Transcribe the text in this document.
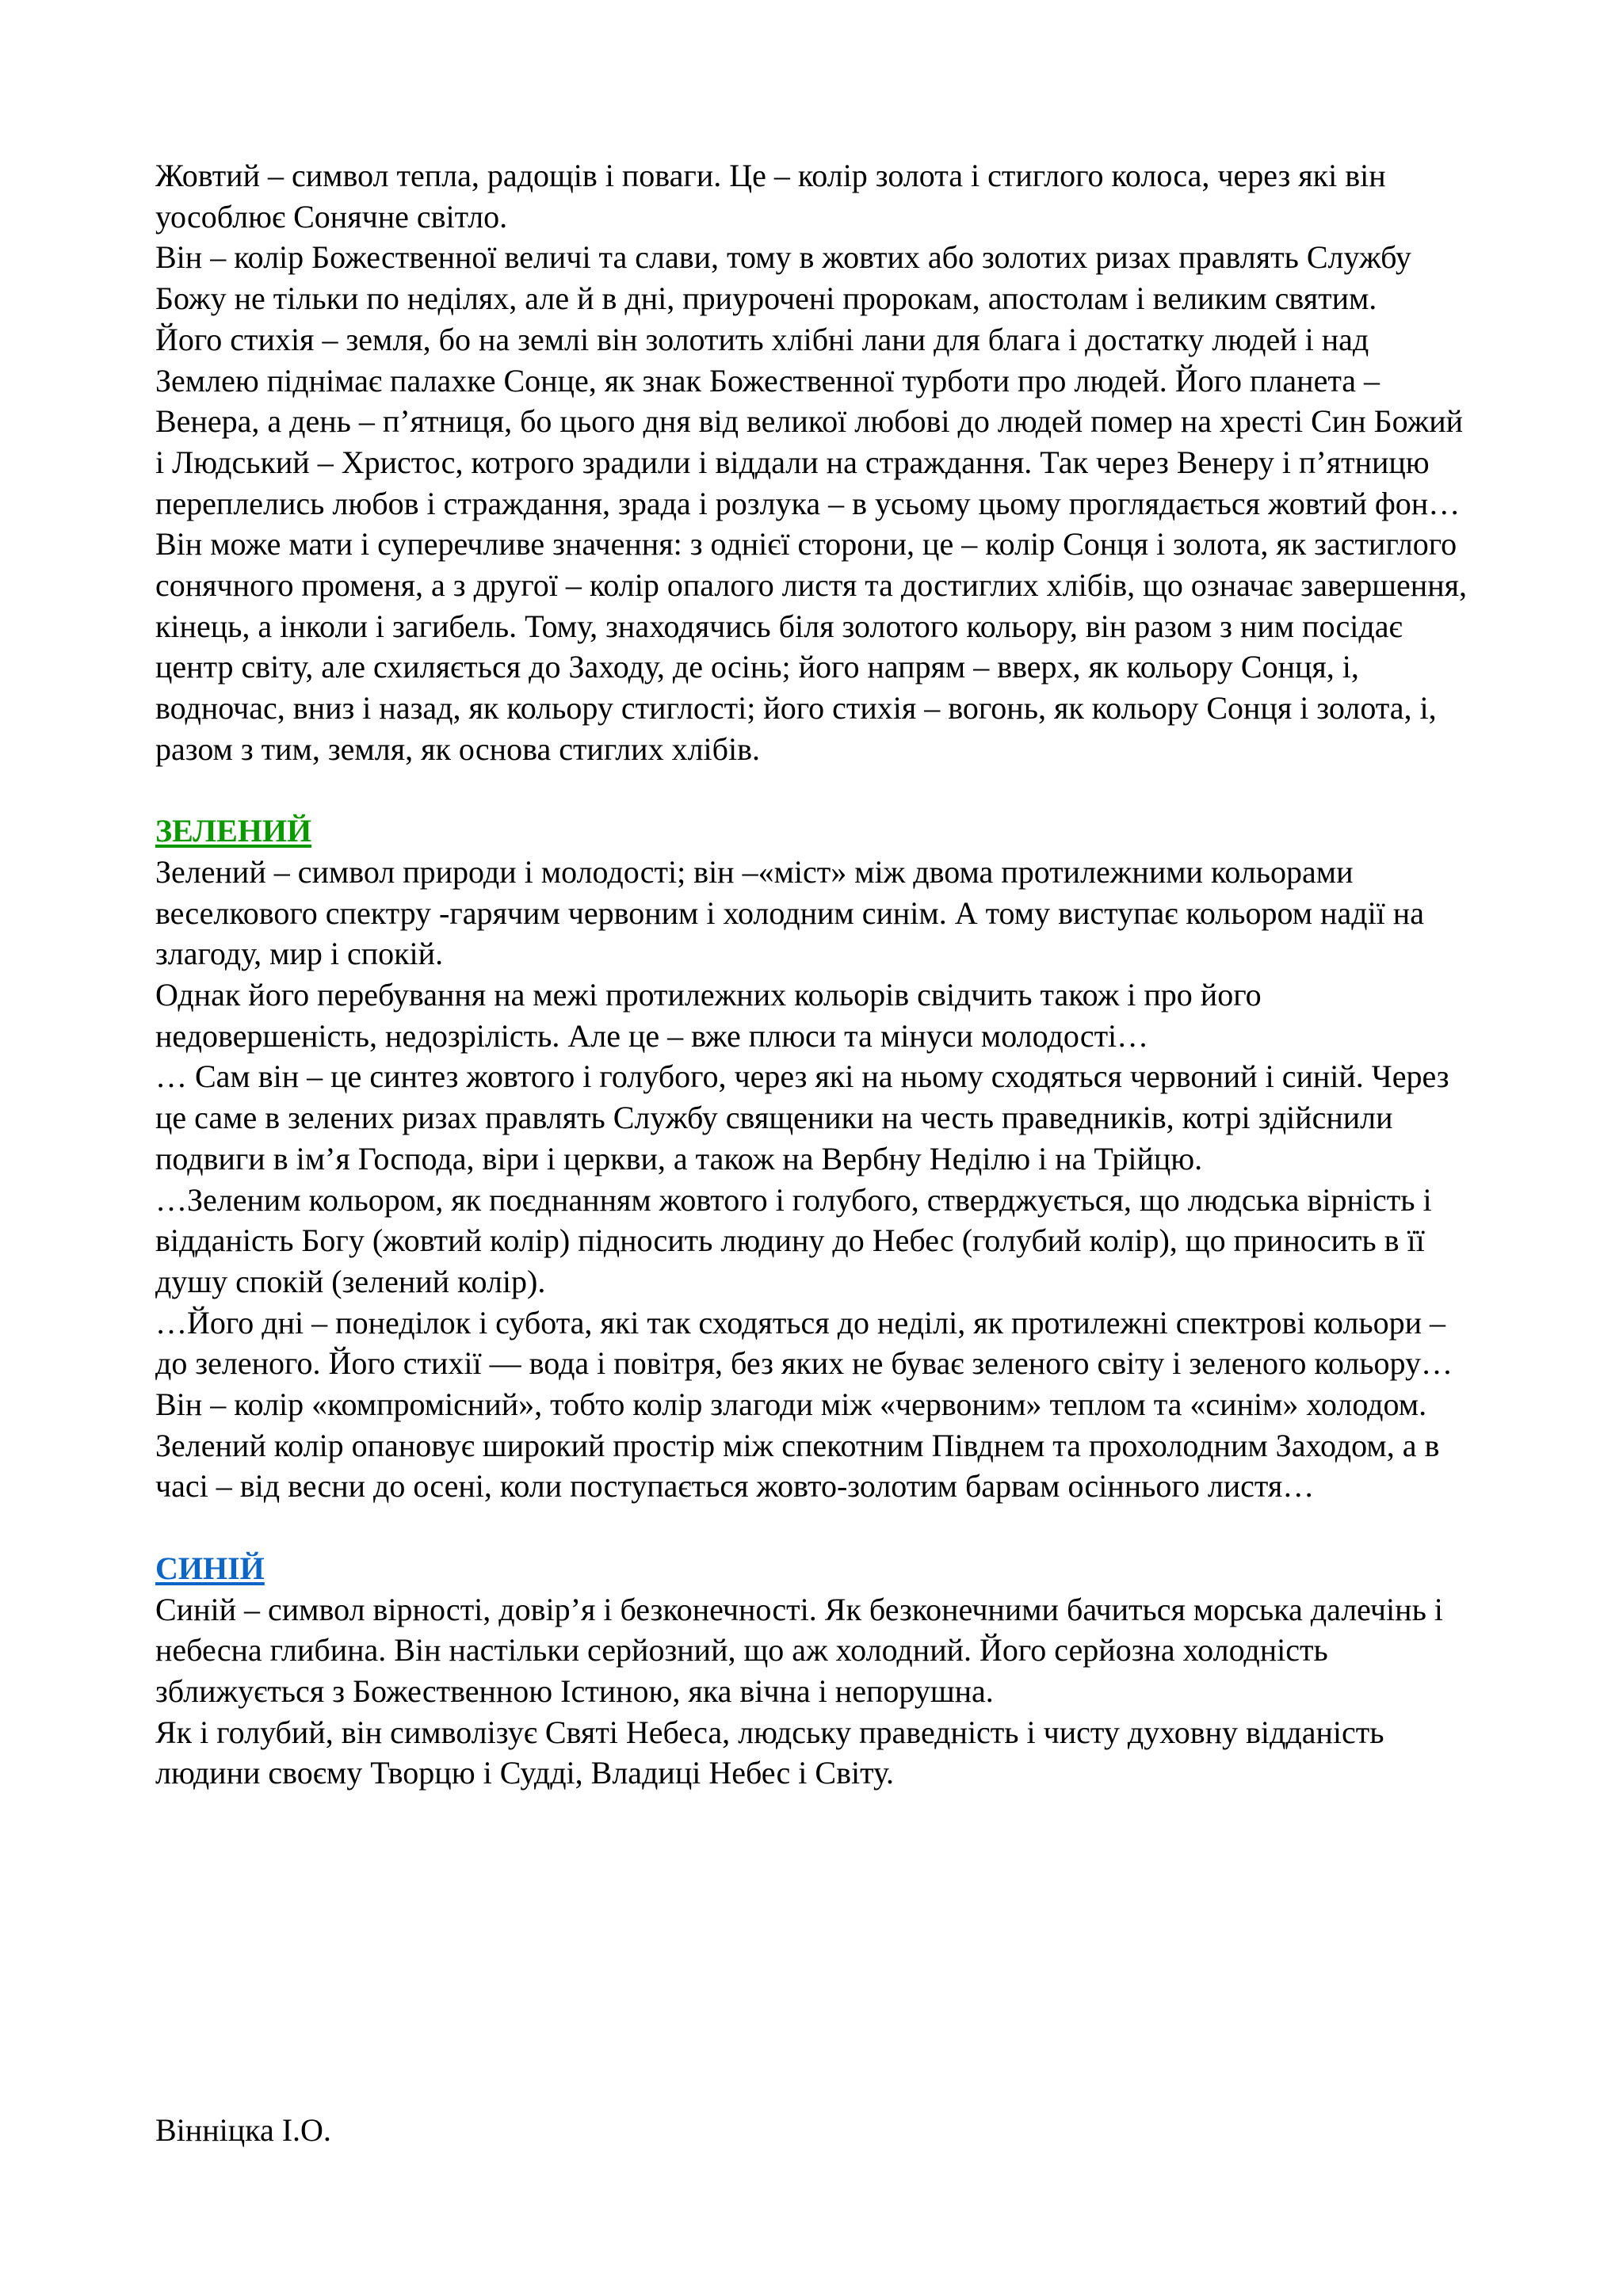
Жовтий – символ тепла, радощів і поваги. Це – колір золота і стиглого колоса, через які він уособлює Сонячне світло.

Він – колір Божественної величі та слави, тому в жовтих або золотих ризах правлять Службу Божу не тільки по неділях, але й в дні, приурочені пророкам, апостолам і великим святим.

Його стихія – земля, бо на землі він золотить хлібні лани для блага і достатку людей і над Землею піднімає палахке Сонце, як знак Божественної турботи про людей. Його планета – Венера, а день – п’ятниця, бо цього дня від великої любові до людей помер на хресті Син Божий і Людський – Христос, котрого зрадили і віддали на страждання. Так через Венеру і п’ятницю переплелись любов і страждання, зрада і розлука – в усьому цьому проглядається жовтий фон…

Він може мати і суперечливе значення: з однієї сторони, це – колір Сонця і золота, як застиглого сонячного променя, а з другої – колір опалого листя та достиглих хлібів, що означає завершення, кінець, а інколи і загибель. Тому, знаходячись біля золотого кольору, він разом з ним посідає центр світу, але схиляється до Заходу, де осінь; його напрям – вверх, як кольору Сонця, і, водночас, вниз і назад, як кольору стиглості; його стихія – вогонь, як кольору Сонця і золота, і, разом з тим, земля, як основа стиглих хлібів.

ЗЕЛЕНИЙ

Зелений – символ природи і молодості; він –«міст» між двома протилежними кольорами веселкового спектру -гарячим червоним і холодним синім. А тому виступає кольором надії на злагоду, мир і спокій.

Однак його перебування на межі протилежних кольорів свідчить також і про його недовершеність, недозрілість. Але це – вже плюси та мінуси молодості…

… Сам він – це синтез жовтого і голубого, через які на ньому сходяться червоний і синій. Через це саме в зелених ризах правлять Службу священики на честь праведників, котрі здійснили подвиги в ім’я Господа, віри і церкви, а також на Вербну Неділю і на Трійцю.

…Зеленим кольором, як поєднанням жовтого і голубого, стверджується, що людська вірність і відданість Богу (жовтий колір) підносить людину до Небес (голубий колір), що приносить в її душу спокій (зелений колір).

…Його дні – понеділок і субота, які так сходяться до неділі, як протилежні спектрові кольори – до зеленого. Його стихії — вода і повітря, без яких не буває зеленого світу і зеленого кольору…

Він – колір «компромісний», тобто колір злагоди між «червоним» теплом та «синім» холодом. Зелений колір опановує широкий простір між спекотним Півднем та прохолодним Заходом, а в часі – від весни до осені, коли поступається жовто-золотим барвам осіннього листя…

СИНІЙ

Синій – символ вірності, довір’я і безконечності. Як безконечними бачиться морська далечінь і небесна глибина. Він настільки серйозний, що аж холодний. Його серйозна холодність зближується з Божественною Істиною, яка вічна і непорушна.

Як і голубий, він символізує Святі Небеса, людську праведність і чисту духовну відданість людини своєму Творцю і Судді, Владиці Небес і Світу.

Вінніцка І.О.
